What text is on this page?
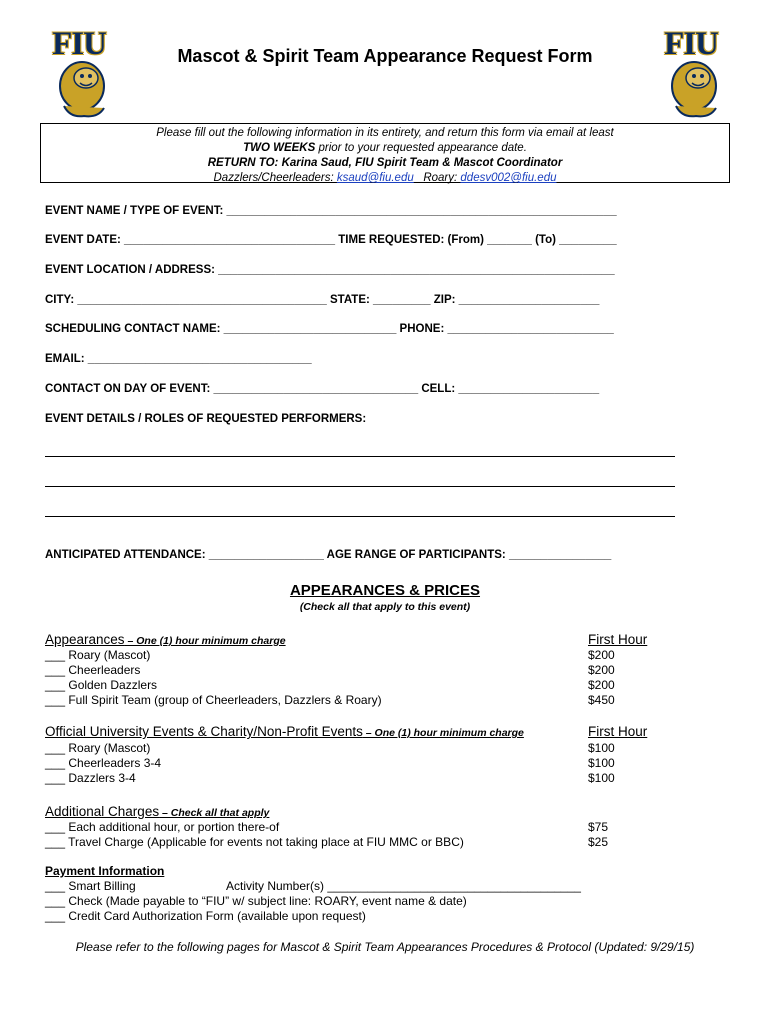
FIU	FIU
Mascot & Spirit Team Appearance Request Form
Please fill out the following information in its entirety, and return this form via email at least
TWO WEEKS prior to your requested appearance date.
RETURN TO: Karina Saud, FIU Spirit Team & Mascot Coordinator
Dazzlers/Cheerleaders: ksaud@fiu.edu   Roary: ddesv002@fiu.edu
EVENT NAME / TYPE OF EVENT: _____________________________________________________________
EVENT DATE: _________________________________ TIME REQUESTED: (From) _______ (To) _________
EVENT LOCATION / ADDRESS: ______________________________________________________________
CITY: _______________________________________ STATE: _________ ZIP: ______________________
SCHEDULING CONTACT NAME: ___________________________ PHONE: __________________________
EMAIL: ___________________________________
CONTACT ON DAY OF EVENT: ________________________________ CELL: ______________________
EVENT DETAILS / ROLES OF REQUESTED PERFORMERS:
ANTICIPATED ATTENDANCE: __________________ AGE RANGE OF PARTICIPANTS: ________________
APPEARANCES & PRICES
(Check all that apply to this event)
Appearances – One (1) hour minimum charge	First Hour
___ Roary (Mascot)	$200
___ Cheerleaders	$200
___ Golden Dazzlers	$200
___ Full Spirit Team (group of Cheerleaders, Dazzlers & Roary)	$450
Official University Events & Charity/Non-Profit Events – One (1) hour minimum charge	First Hour
___ Roary (Mascot)	$100
___ Cheerleaders 3-4	$100
___ Dazzlers 3-4	$100
Additional Charges – Check all that apply
___ Each additional hour, or portion there-of	$75
___ Travel Charge (Applicable for events not taking place at FIU MMC or BBC)	$25
Payment Information
___ Smart Billing	Activity Number(s) ______________________________________
___ Check (Made payable to “FIU” w/ subject line: ROARY, event name & date)
___ Credit Card Authorization Form (available upon request)
Please refer to the following pages for Mascot & Spirit Team Appearances Procedures & Protocol (Updated: 9/29/15)
